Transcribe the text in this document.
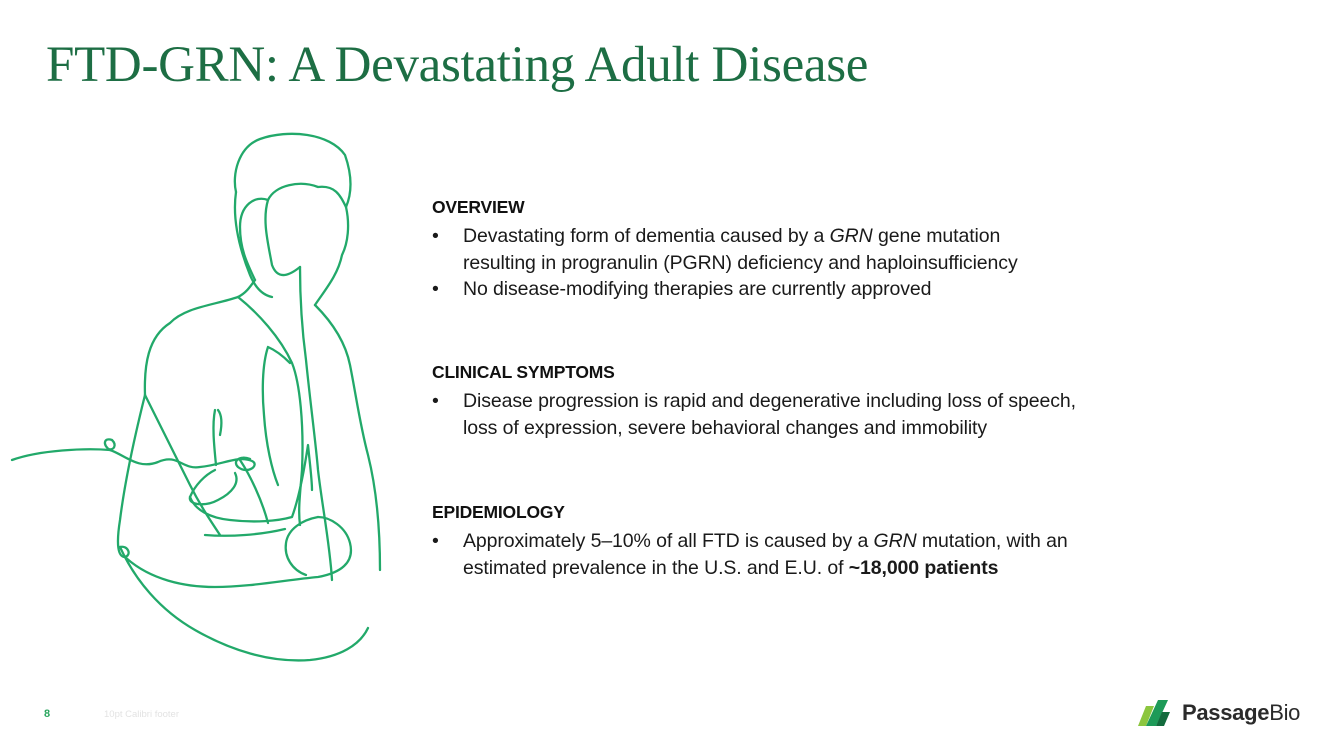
FTD-GRN: A Devastating Adult Disease
OVERVIEW
• Devastating form of dementia caused by a GRN gene mutation
resulting in progranulin (PGRN) deficiency and haploinsufficiency
• No disease-modifying therapies are currently approved
CLINICAL SYMPTOMS
• Disease progression is rapid and degenerative including loss of speech,
loss of expression, severe behavioral changes and immobility
EPIDEMIOLOGY
• Approximately 5–10% of all FTD is caused by a GRN mutation, with an
estimated prevalence in the U.S. and E.U. of ~18,000 patients
8	10pt Calibri footer	PassageBio
